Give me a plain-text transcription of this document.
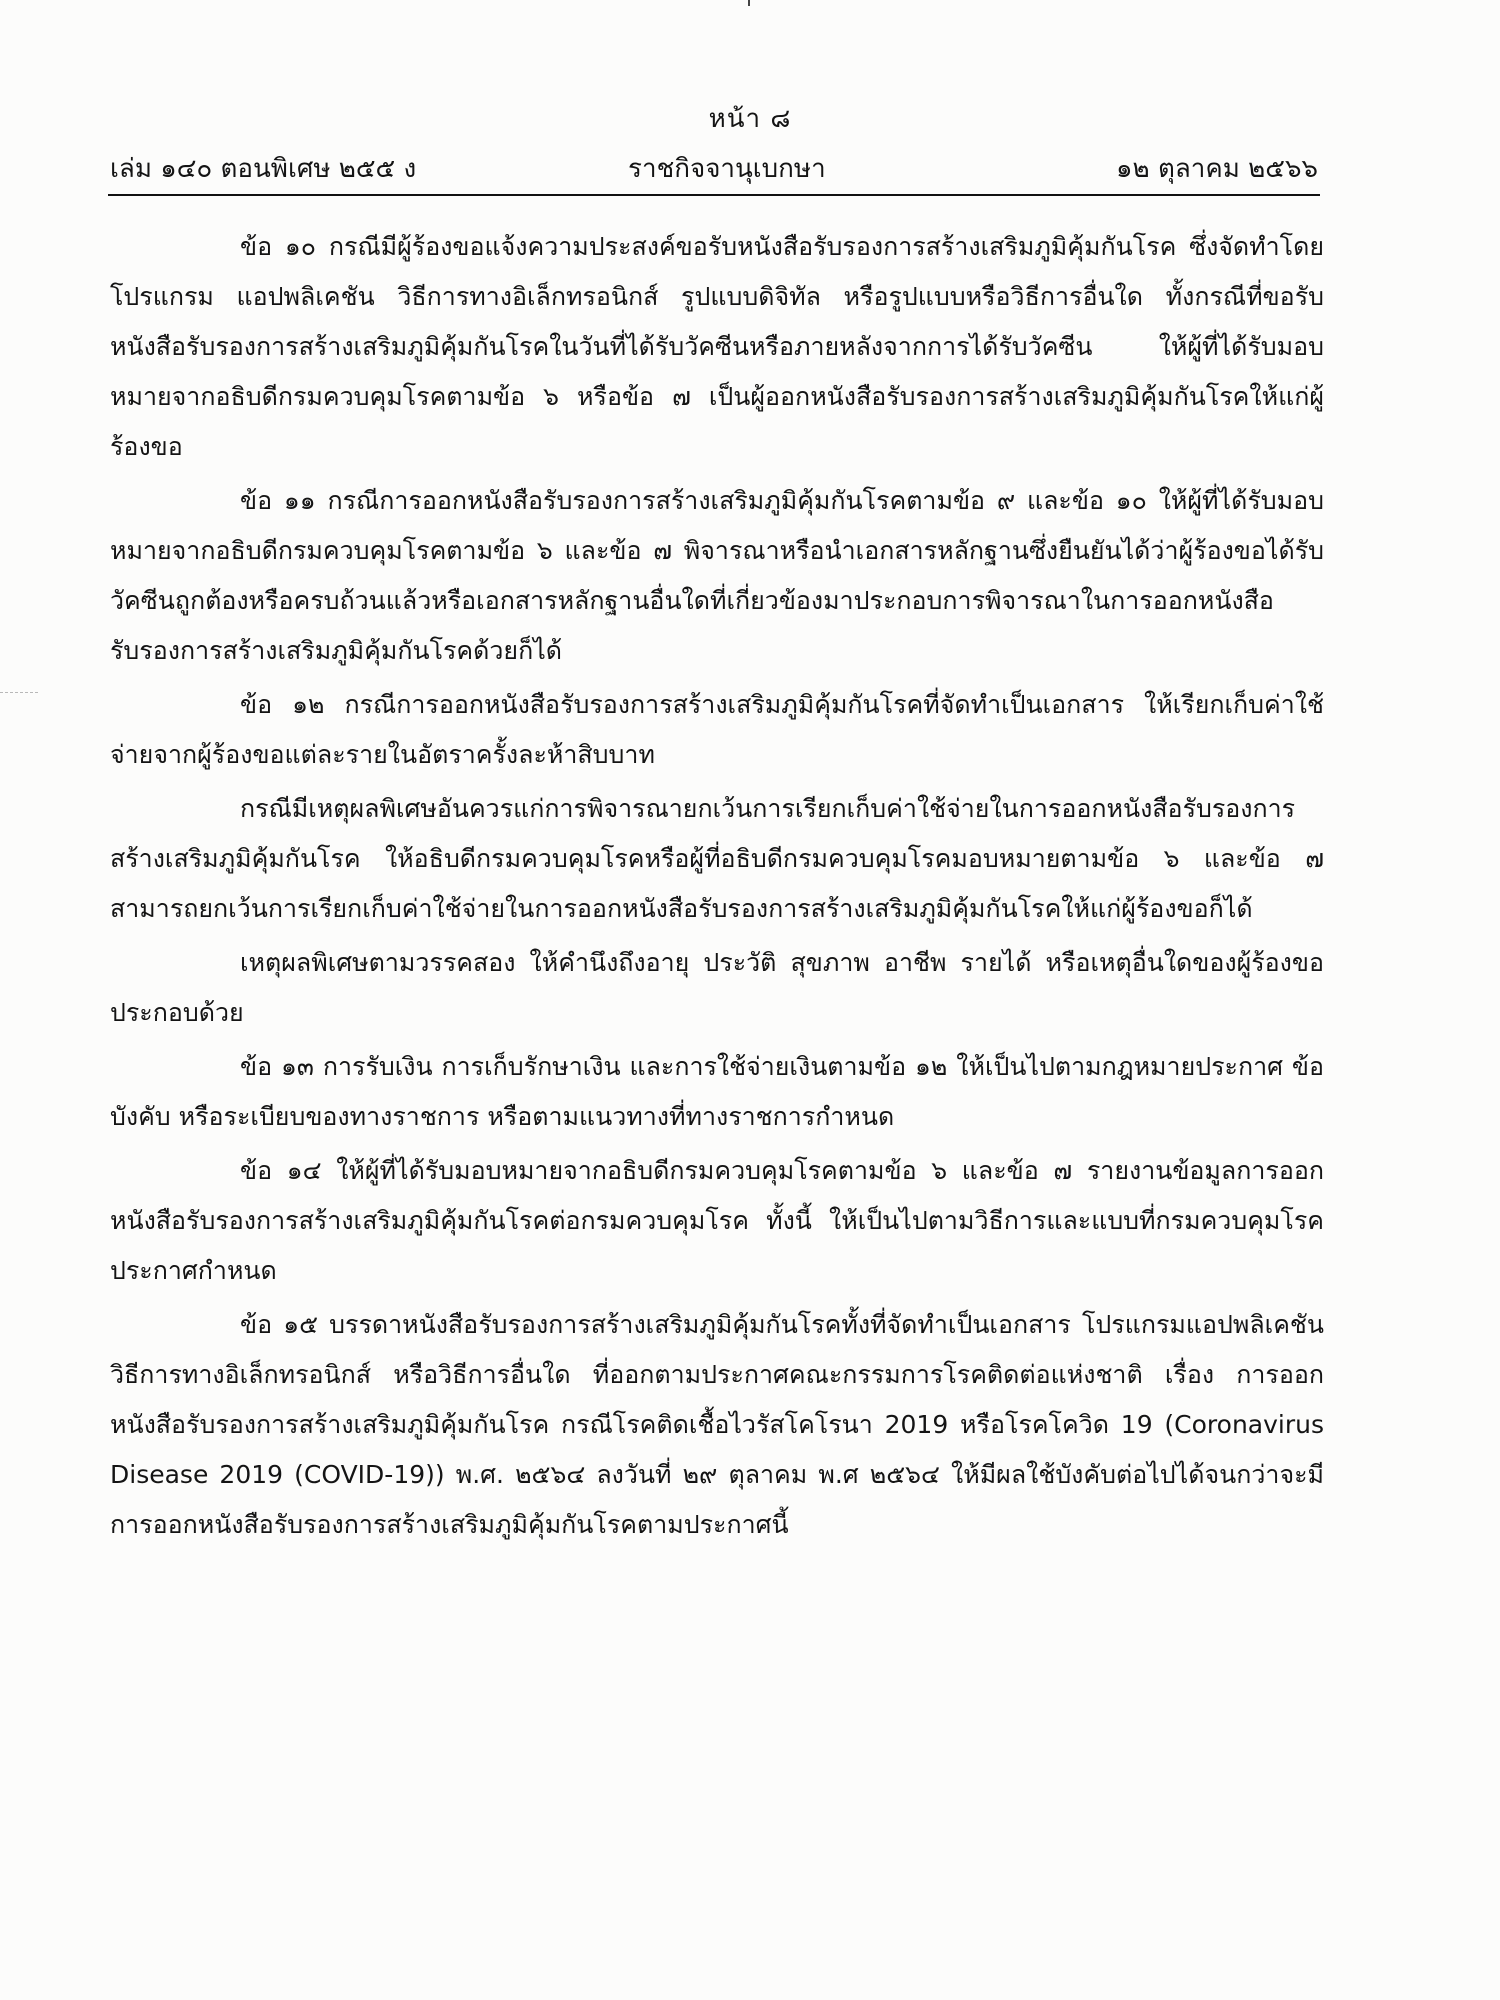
หน้า ๘
เล่ม ๑๔๐ ตอนพิเศษ ๒๕๕ ง	ราชกิจจานุเบกษา	๑๒ ตุลาคม ๒๕๖๖

ข้อ ๑๐ กรณีมีผู้ร้องขอแจ้งความประสงค์ขอรับหนังสือรับรองการสร้างเสริมภูมิคุ้มกันโรค ซึ่งจัดทำโดยโปรแกรม แอปพลิเคชัน วิธีการทางอิเล็กทรอนิกส์ รูปแบบดิจิทัล หรือรูปแบบหรือวิธีการอื่นใด ทั้งกรณีที่ขอรับหนังสือรับรองการสร้างเสริมภูมิคุ้มกันโรคในวันที่ได้รับวัคซีนหรือภายหลังจากการได้รับวัคซีน ให้ผู้ที่ได้รับมอบหมายจากอธิบดีกรมควบคุมโรคตามข้อ ๖ หรือข้อ ๗ เป็นผู้ออกหนังสือรับรองการสร้างเสริมภูมิคุ้มกันโรคให้แก่ผู้ร้องขอ

ข้อ ๑๑ กรณีการออกหนังสือรับรองการสร้างเสริมภูมิคุ้มกันโรคตามข้อ ๙ และข้อ ๑๐ ให้ผู้ที่ได้รับมอบหมายจากอธิบดีกรมควบคุมโรคตามข้อ ๖ และข้อ ๗ พิจารณาหรือนำเอกสารหลักฐานซึ่งยืนยันได้ว่าผู้ร้องขอได้รับวัคซีนถูกต้องหรือครบถ้วนแล้วหรือเอกสารหลักฐานอื่นใดที่เกี่ยวข้องมาประกอบการพิจารณาในการออกหนังสือรับรองการสร้างเสริมภูมิคุ้มกันโรคด้วยก็ได้

ข้อ ๑๒ กรณีการออกหนังสือรับรองการสร้างเสริมภูมิคุ้มกันโรคที่จัดทำเป็นเอกสาร ให้เรียกเก็บค่าใช้จ่ายจากผู้ร้องขอแต่ละรายในอัตราครั้งละห้าสิบบาท

กรณีมีเหตุผลพิเศษอันควรแก่การพิจารณายกเว้นการเรียกเก็บค่าใช้จ่ายในการออกหนังสือรับรองการสร้างเสริมภูมิคุ้มกันโรค ให้อธิบดีกรมควบคุมโรคหรือผู้ที่อธิบดีกรมควบคุมโรคมอบหมายตามข้อ ๖ และข้อ ๗ สามารถยกเว้นการเรียกเก็บค่าใช้จ่ายในการออกหนังสือรับรองการสร้างเสริมภูมิคุ้มกันโรคให้แก่ผู้ร้องขอก็ได้

เหตุผลพิเศษตามวรรคสอง ให้คำนึงถึงอายุ ประวัติ สุขภาพ อาชีพ รายได้ หรือเหตุอื่นใดของผู้ร้องขอประกอบด้วย

ข้อ ๑๓ การรับเงิน การเก็บรักษาเงิน และการใช้จ่ายเงินตามข้อ ๑๒ ให้เป็นไปตามกฎหมายประกาศ ข้อบังคับ หรือระเบียบของทางราชการ หรือตามแนวทางที่ทางราชการกำหนด

ข้อ ๑๔ ให้ผู้ที่ได้รับมอบหมายจากอธิบดีกรมควบคุมโรคตามข้อ ๖ และข้อ ๗ รายงานข้อมูลการออกหนังสือรับรองการสร้างเสริมภูมิคุ้มกันโรคต่อกรมควบคุมโรค ทั้งนี้ ให้เป็นไปตามวิธีการและแบบที่กรมควบคุมโรคประกาศกำหนด

ข้อ ๑๕ บรรดาหนังสือรับรองการสร้างเสริมภูมิคุ้มกันโรคทั้งที่จัดทำเป็นเอกสาร โปรแกรมแอปพลิเคชัน วิธีการทางอิเล็กทรอนิกส์ หรือวิธีการอื่นใด ที่ออกตามประกาศคณะกรรมการโรคติดต่อแห่งชาติ เรื่อง การออกหนังสือรับรองการสร้างเสริมภูมิคุ้มกันโรค กรณีโรคติดเชื้อไวรัสโคโรนา 2019 หรือโรคโควิด 19 (Coronavirus Disease 2019 (COVID-19)) พ.ศ. ๒๕๖๔ ลงวันที่ ๒๙ ตุลาคม พ.ศ ๒๕๖๔ ให้มีผลใช้บังคับต่อไปได้จนกว่าจะมีการออกหนังสือรับรองการสร้างเสริมภูมิคุ้มกันโรคตามประกาศนี้
